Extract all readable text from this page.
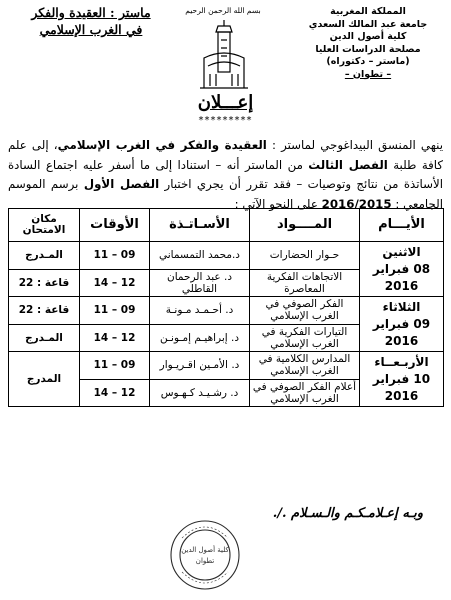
المملكة المغربية
جامعة عبد المالك السعدي
كلية أصول الدين
مصلحة الدراسات العليا
(ماستر – دكتوراه)
– تطوان –
ماستر : العقيدة والفكر
في الغرب الإسلامي
بسم الله الرحمن الرحيم
إعـــلان
*********
ينهي المنسق البيداغوجي لماستر : العقيدة والفكر في الغرب الإسلامي، إلى علم كافة طلبة الفصل الثالث من الماستر أنه – استنادا إلى ما أسفر عليه اجتماع السادة الأساتذة من نتائج وتوصيات – فقد تقرر أن يجري اختبار الفصل الأول برسم الموسم الجامعي : 2016/2015 على النحو الآتي :
الأيـــام	المــــواد	الأسـاتـذة	الأوقات	مكان الامتحان

الاثنين
08 فبراير 2016	حـوار الحضارات	د.محمد التمسماني	11 – 09	المـدرج
	الاتجاهات الفكرية المعاصرة	د. عبد الرحمان القاطلي	14 – 12	قاعة : 22

الثلاثاء
09 فبراير 2016	الفكر الصوفي في الغرب الإسلامي	د. أحـمـد مـونـة	11 – 09	قاعة : 22
	التيارات الفكرية في الغرب الإسلامي	د. إبراهيـم إمـونـن	14 – 12	المـدرج

الأربـعــاء
10 فبراير 2016	المدارس الكلامية في الغرب الإسلامي	د. الأمـين اقـريـوار	11 – 09	المدرج
	أعلام الفكر الصوفي في الغرب الإسلامي	د. رشـيـد كـهـوس	14 – 12	
وبـه إعـلامـكـم والـسـلام ./.
كلية أصول الدين
تطوان
